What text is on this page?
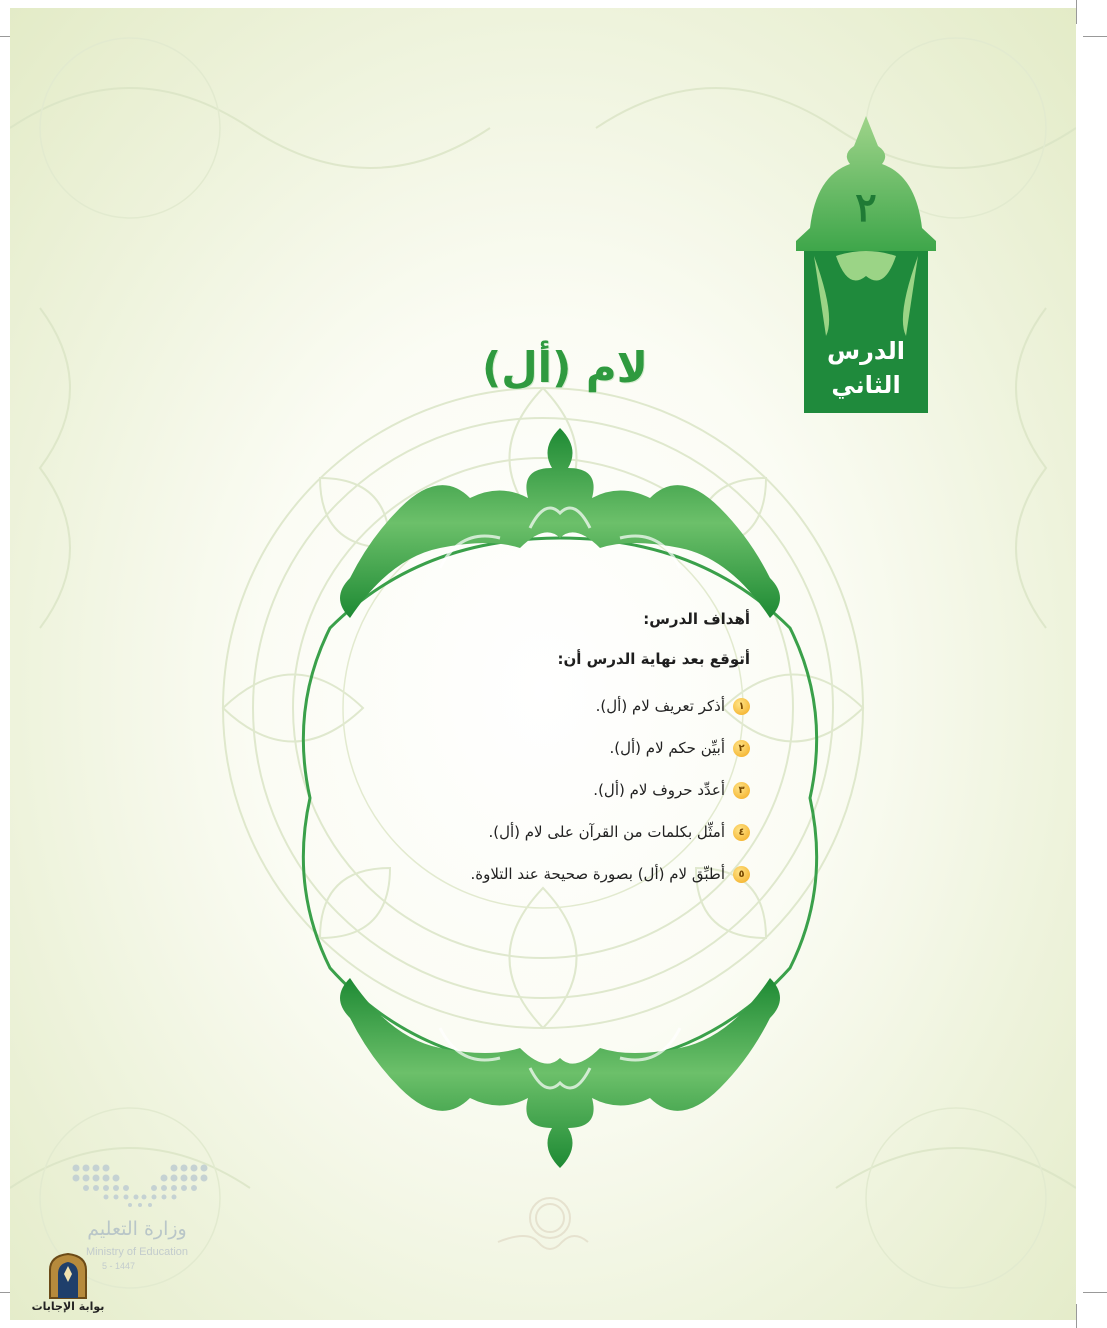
٢
الدرس الثاني
لام (أل)
أهداف الدرس:
أتوقع بعد نهاية الدرس أن:
١
أذكر تعريف لام (أل).
٢
أبيِّن حكم لام (أل).
٣
أعدِّد حروف لام (أل).
٤
أمثِّل بكلمات من القرآن على لام (أل).
٥
أطبِّق لام (أل) بصورة صحيحة عند التلاوة.
وزارة التعليم
Ministry of Education
5 - 1447
بوابة الإجابات
